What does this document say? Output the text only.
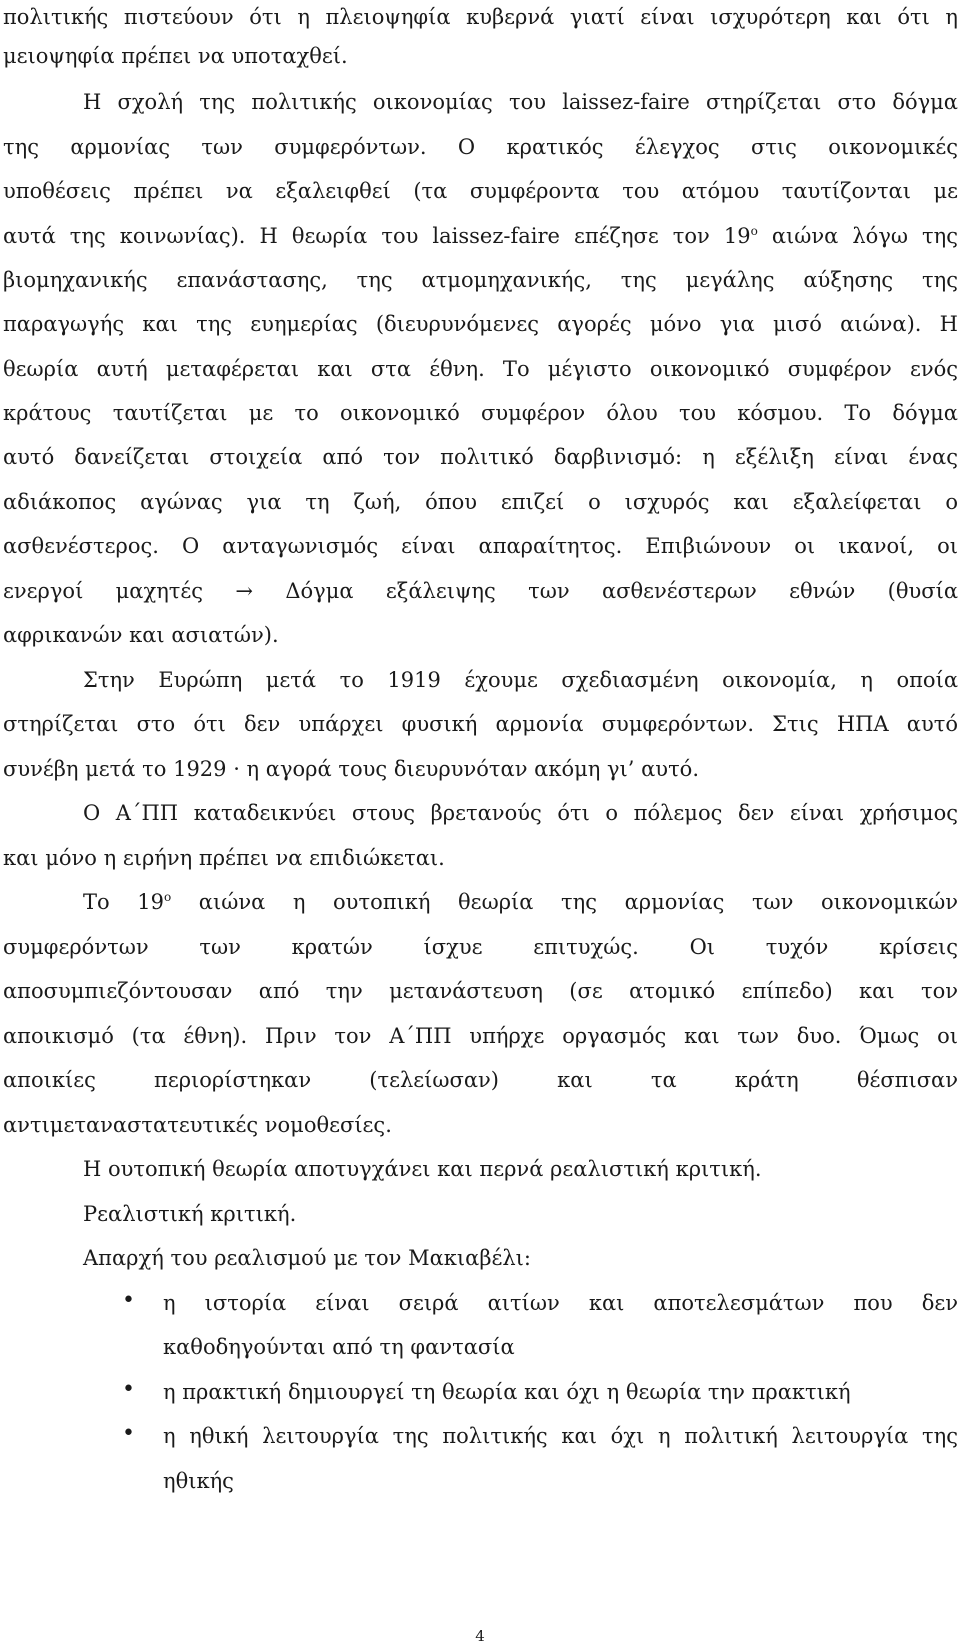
πολιτικής πιστεύουν ότι η πλειοψηφία κυβερνά γιατί είναι ισχυρότερη και ότι η
μειοψηφία πρέπει να υποταχθεί.
Η σχολή της πολιτικής οικονομίας του laissez-faire στηρίζεται στο δόγμα
της αρμονίας των συμφερόντων. Ο κρατικός έλεγχος στις οικονομικές
υποθέσεις πρέπει να εξαλειφθεί (τα συμφέροντα του ατόμου ταυτίζονται με
αυτά της κοινωνίας). Η θεωρία του laissez-faire επέζησε τον $19^o$ αιώνα λόγω της
βιομηχανικής επανάστασης, της ατμομηχανικής, της μεγάλης αύξησης της
παραγωγής και της ευημερίας (διευρυνόμενες αγορές μόνο για μισό αιώνα). Η
θεωρία αυτή μεταφέρεται και στα έθνη. Το μέγιστο οικονομικό συμφέρον ενός
κράτους ταυτίζεται με το οικονομικό συμφέρον όλου του κόσμου. Το δόγμα
αυτό δανείζεται στοιχεία από τον πολιτικό δαρβινισμό: η εξέλιξη είναι ένας
αδιάκοπος αγώνας για τη ζωή, όπου επιζεί ο ισχυρός και εξαλείφεται ο
ασθενέστερος. Ο ανταγωνισμός είναι απαραίτητος. Επιβιώνουν οι ικανοί, οι
ενεργοί μαχητές → Δόγμα εξάλειψης των ασθενέστερων εθνών (θυσία
αφρικανών και ασιατών).
Στην Ευρώπη μετά το 1919 έχουμε σχεδιασμένη οικονομία, η οποία
στηρίζεται στο ότι δεν υπάρχει φυσική αρμονία συμφερόντων. Στις ΗΠΑ αυτό
συνέβη μετά το 1929 · η αγορά τους διευρυνόταν ακόμη γι’ αυτό.
Ο Α΄ΠΠ καταδεικνύει στους βρετανούς ότι ο πόλεμος δεν είναι χρήσιμος
και μόνο η ειρήνη πρέπει να επιδιώκεται.
Το $19^o$ αιώνα η ουτοπική θεωρία της αρμονίας των οικονομικών
συμφερόντων των κρατών ίσχυε επιτυχώς. Οι τυχόν κρίσεις
αποσυμπιεζόντουσαν από την μετανάστευση (σε ατομικό επίπεδο) και τον
αποικισμό (τα έθνη). Πριν τον Α΄ΠΠ υπήρχε οργασμός και των δυο. Όμως οι
αποικίες περιορίστηκαν (τελείωσαν) και τα κράτη θέσπισαν
αντιμεταναστατευτικές νομοθεσίες.
Η ουτοπική θεωρία αποτυγχάνει και περνά ρεαλιστική κριτική.
Ρεαλιστική κριτική.
Απαρχή του ρεαλισμού με τον Μακιαβέλι:
• η ιστορία είναι σειρά αιτίων και αποτελεσμάτων που δεν
καθοδηγούνται από τη φαντασία
• η πρακτική δημιουργεί τη θεωρία και όχι η θεωρία την πρακτική
• η ηθική λειτουργία της πολιτικής και όχι η πολιτική λειτουργία της
ηθικής
4
